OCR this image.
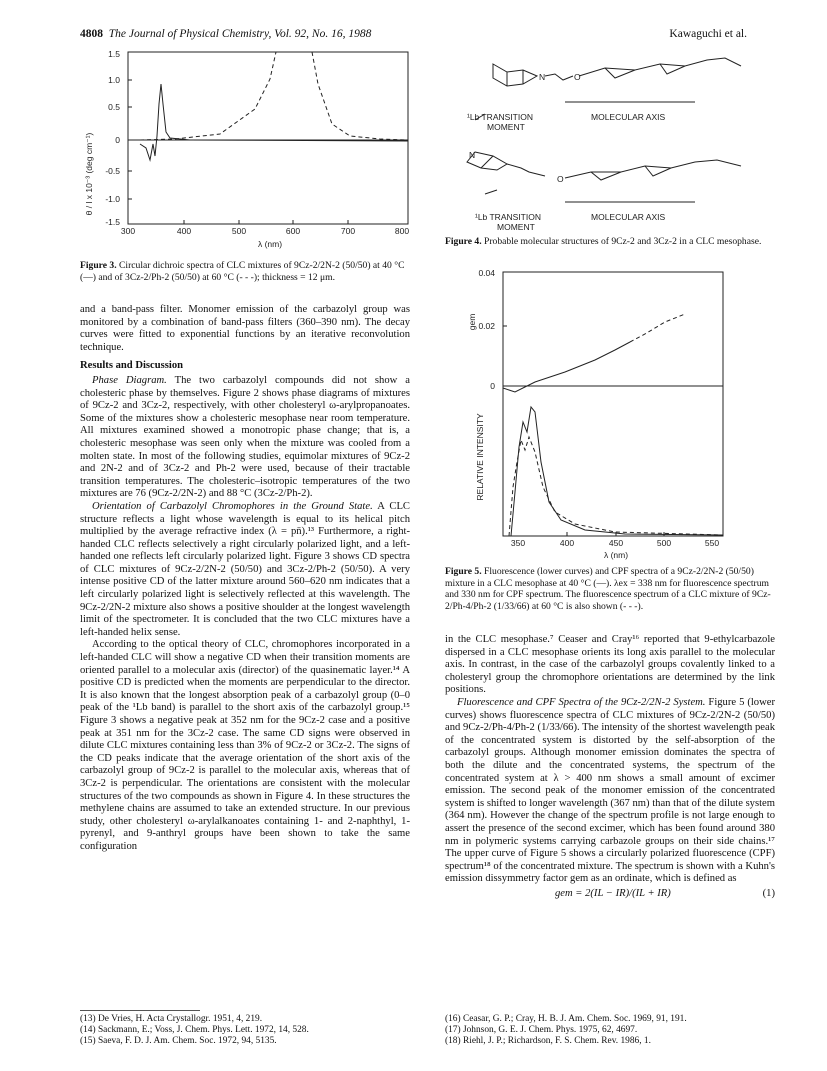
4808 The Journal of Physical Chemistry, Vol. 92, No. 16, 1988	Kawaguchi et al.
θ / l x 10⁻³ (deg cm⁻¹)
1.5
1.0
0.5
0
-0.5
-1.0
-1.5
300	400	500	600	700	800
λ (nm)
Figure 3. Circular dichroic spectra of CLC mixtures of 9Cz-2/2N-2 (50/50) at 40 °C (—) and of 3Cz-2/Ph-2 (50/50) at 60 °C (- - -); thickness = 12 μm.

and a band-pass filter. Monomer emission of the carbazolyl group was monitored by a combination of band-pass filters (360–390 nm). The decay curves were fitted to exponential functions by an iterative reconvolution technique.

Results and Discussion

Phase Diagram. The two carbazolyl compounds did not show a cholesteric phase by themselves. Figure 2 shows phase diagrams of mixtures of 9Cz-2 and 3Cz-2, respectively, with other cholesteryl ω-arylpropanoates. Some of the mixtures show a cholesteric mesophase near room temperature. All mixtures examined showed a monotropic phase change; that is, a cholesteric mesophase was seen only when the mixture was cooled from a molten state. In most of the following studies, equimolar mixtures of 9Cz-2 and 2N-2 and of 3Cz-2 and Ph-2 were used, because of their tractable transition temperatures. The cholesteric–isotropic temperatures of the two mixtures are 76 (9Cz-2/2N-2) and 88 °C (3Cz-2/Ph-2).

Orientation of Carbazolyl Chromophores in the Ground State. A CLC structure reflects a light whose wavelength is equal to its helical pitch multiplied by the average refractive index (λ = pn̄).¹³ Furthermore, a right-handed CLC reflects selectively a right circularly polarized light, and a left-handed one reflects left circularly polarized light. Figure 3 shows CD spectra of CLC mixtures of 9Cz-2/2N-2 (50/50) and 3Cz-2/Ph-2 (50/50). A very intense positive CD of the latter mixture around 560–620 nm indicates that a left circularly polarized light is selectively reflected at this wavelength. The 9Cz-2/2N-2 mixture also shows a positive shoulder at the longest wavelength limit of the spectrometer. It is concluded that the two CLC mixtures have a left-handed helix sense.

According to the optical theory of CLC, chromophores incorporated in a left-handed CLC will show a negative CD when their transition moments are oriented parallel to a molecular axis (director) of the quasinematic layer.¹⁴ A positive CD is predicted when the moments are perpendicular to the director. It is also known that the longest absorption peak of a carbazolyl group (0–0 peak of the ¹Lb band) is parallel to the short axis of the carbazolyl group.¹⁵ Figure 3 shows a negative peak at 352 nm for the 9Cz-2 case and a positive peak at 351 nm for the 3Cz-2 case. The same CD signs were observed in dilute CLC mixtures containing less than 3% of 9Cz-2 or 3Cz-2. The signs of the CD peaks indicate that the average orientation of the short axis of the carbazolyl group of 9Cz-2 is parallel to the molecular axis, whereas that of 3Cz-2 is perpendicular. The orientations are consistent with the molecular structures of the two compounds as shown in Figure 4. In these structures the methylene chains are assumed to take an extended structure. In our previous study, other cholesteryl ω-arylalkanoates containing 1- and 2-naphthyl, 1-pyrenyl, and 9-anthryl groups have been shown to take the same configuration

N	O
¹Lb TRANSITION
MOMENT
MOLECULAR AXIS
N
O
¹Lb TRANSITION
MOMENT
MOLECULAR AXIS
Figure 4. Probable molecular structures of 9Cz-2 and 3Cz-2 in a CLC mesophase.
0.04
0.02
0
gem
RELATIVE INTENSITY
350	400	450	500	550
λ (nm)
Figure 5. Fluorescence (lower curves) and CPF spectra of a 9Cz-2/2N-2 (50/50) mixture in a CLC mesophase at 40 °C (—). λex = 338 nm for fluorescence spectrum and 330 nm for CPF spectrum. The fluorescence spectrum of a CLC mixture of 9Cz-2/Ph-4/Ph-2 (1/33/66) at 60 °C is also shown (- - -).

in the CLC mesophase.⁷ Ceaser and Cray¹⁶ reported that 9-ethylcarbazole dispersed in a CLC mesophase orients its long axis parallel to the molecular axis. In contrast, in the case of the carbazolyl groups covalently linked to a cholesteryl group the chromophore orientations are determined by the link positions.

Fluorescence and CPF Spectra of the 9Cz-2/2N-2 System. Figure 5 (lower curves) shows fluorescence spectra of CLC mixtures of 9Cz-2/2N-2 (50/50) and 9Cz-2/Ph-4/Ph-2 (1/33/66). The intensity of the shortest wavelength peak of the concentrated system is distorted by the self-absorption of the carbazolyl groups. Although monomer emission dominates the spectra of both the dilute and the concentrated systems, the spectrum of the concentrated system at λ > 400 nm shows a small amount of excimer emission. The second peak of the monomer emission of the concentrated system is shifted to longer wavelength (367 nm) than that of the dilute system (364 nm). However the change of the spectrum profile is not large enough to assert the presence of the second excimer, which has been found around 380 nm in polymeric systems carrying carbazole groups on their side chains.¹⁷ The upper curve of Figure 5 shows a circularly polarized fluorescence (CPF) spectrum¹⁸ of the concentrated mixture. The spectrum is shown with a Kuhn's emission dissymmetry factor gem as an ordinate, which is defined as

gem = 2(IL − IR)/(IL + IR)	(1)
(13) De Vries, H. Acta Crystallogr. 1951, 4, 219.
(14) Sackmann, E.; Voss, J. Chem. Phys. Lett. 1972, 14, 528.
(15) Saeva, F. D. J. Am. Chem. Soc. 1972, 94, 5135.
(16) Ceasar, G. P.; Cray, H. B. J. Am. Chem. Soc. 1969, 91, 191.
(17) Johnson, G. E. J. Chem. Phys. 1975, 62, 4697.
(18) Riehl, J. P.; Richardson, F. S. Chem. Rev. 1986, 1.
